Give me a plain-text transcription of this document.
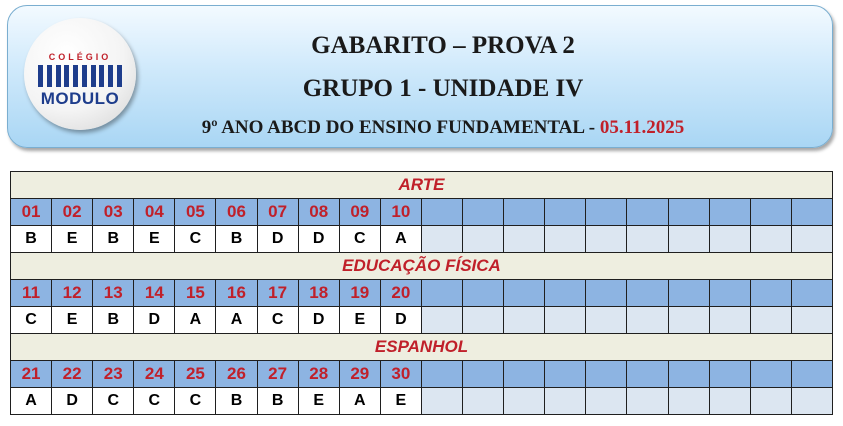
COLÉGIO
MODULO
GABARITO – PROVA 2
GRUPO 1 - UNIDADE IV
9º ANO ABCD DO ENSINO FUNDAMENTAL - 05.11.2025
ARTE																			
01	02	03	04	05	06	07	08	09	10										
B	E	B	E	C	B	D	D	C	A										
EDUCAÇÃO FÍSICA																			
11	12	13	14	15	16	17	18	19	20										
C	E	B	D	A	A	C	D	E	D										
ESPANHOL																			
21	22	23	24	25	26	27	28	29	30										
A	D	C	C	C	B	B	E	A	E										
